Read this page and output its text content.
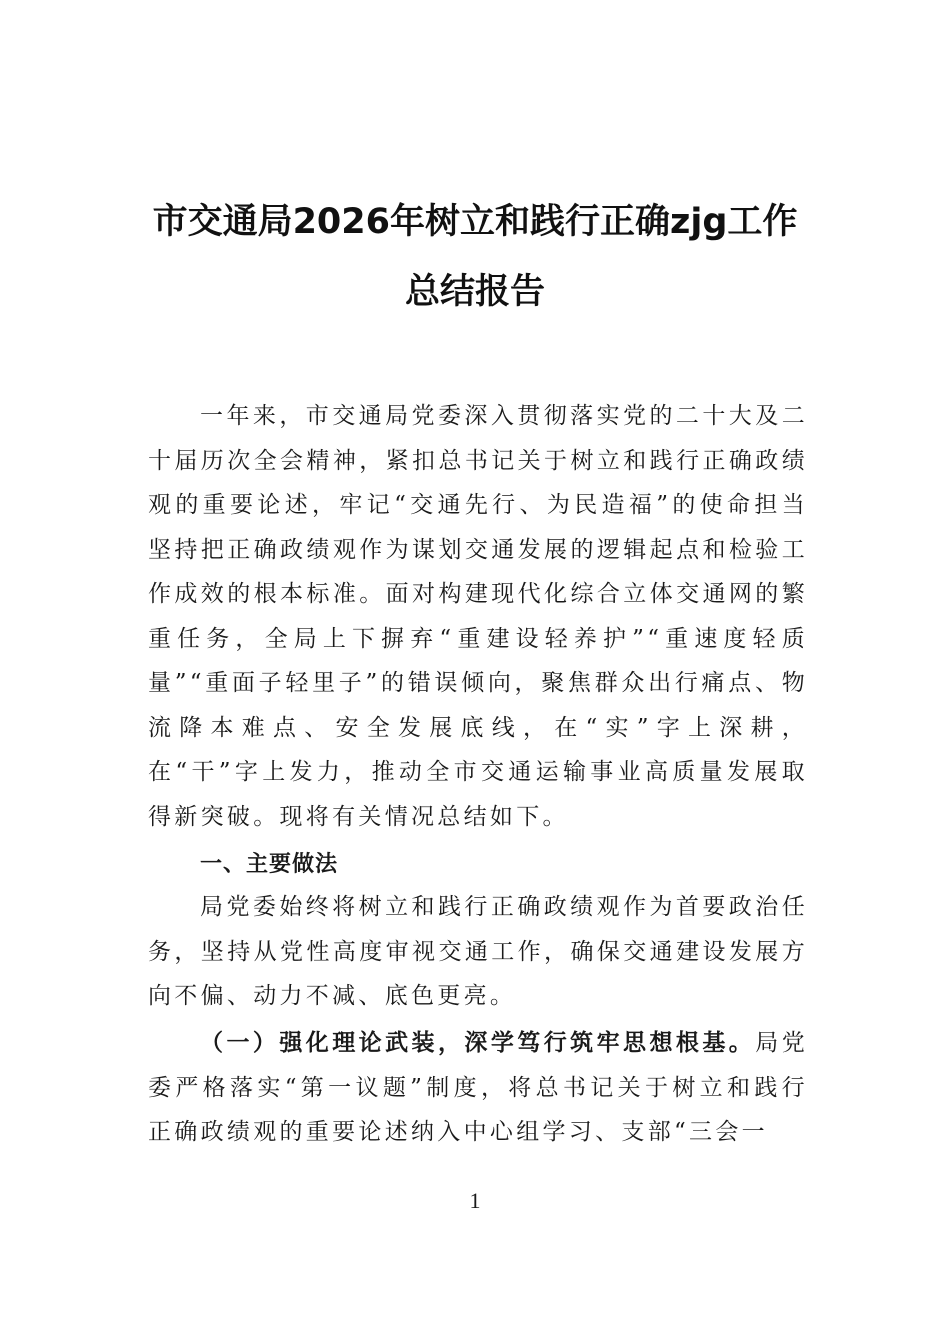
市交通局2026年树立和践行正确zjg工作
总结报告

一年来，市交通局党委深入贯彻落实党的二十大及二十届历次全会精神，紧扣总书记关于树立和践行正确政绩观的重要论述，牢记“交通先行、为民造福”的使命担当坚持把正确政绩观作为谋划交通发展的逻辑起点和检验工作成效的根本标准。面对构建现代化综合立体交通网的繁重任务，全局上下摒弃“重建设轻养护”“重速度轻质量”“重面子轻里子”的错误倾向，聚焦群众出行痛点、物流降本难点、安全发展底线，在“实”字上深耕，在“干”字上发力，推动全市交通运输事业高质量发展取得新突破。现将有关情况总结如下。

一、主要做法

局党委始终将树立和践行正确政绩观作为首要政治任务，坚持从党性高度审视交通工作，确保交通建设发展方向不偏、动力不减、底色更亮。

（一）强化理论武装，深学笃行筑牢思想根基。局党委严格落实“第一议题”制度，将总书记关于树立和践行正确政绩观的重要论述纳入中心组学习、支部“三会一

1
